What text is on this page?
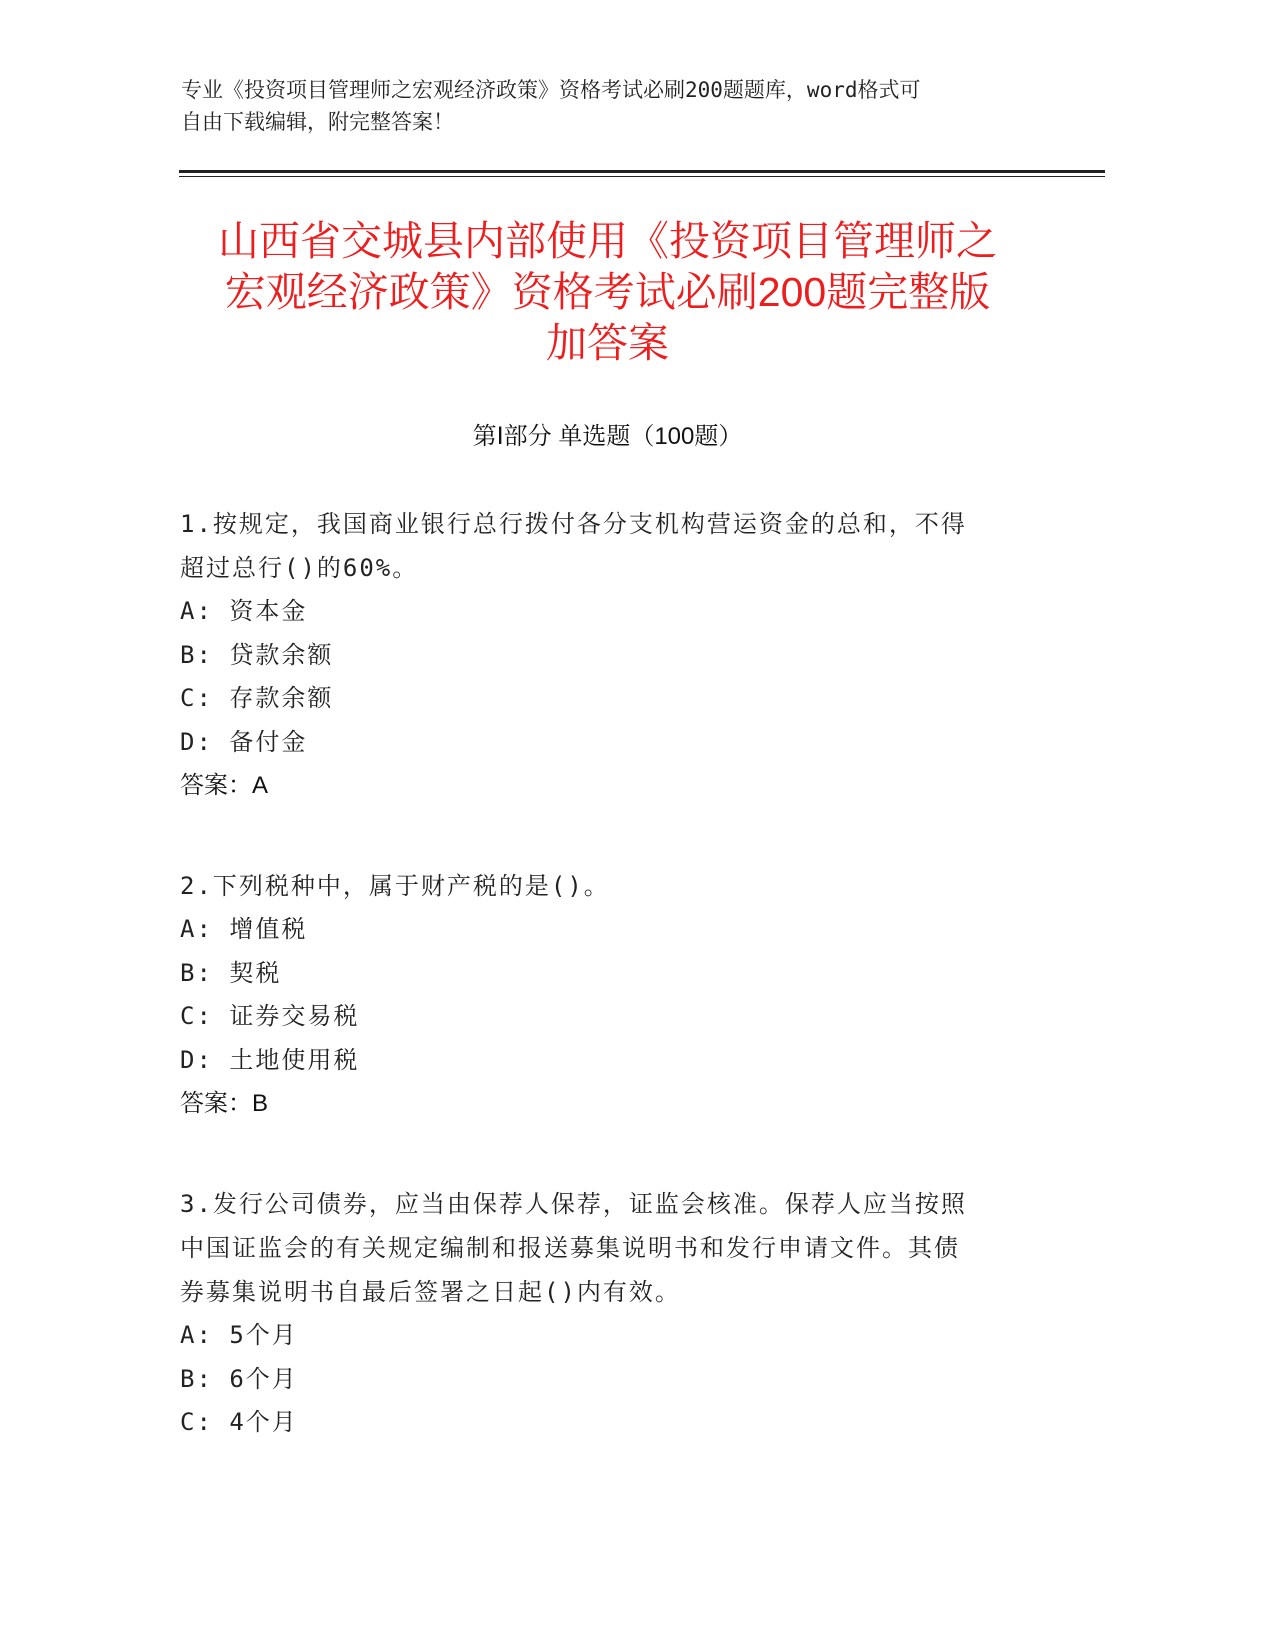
专业《投资项目管理师之宏观经济政策》资格考试必刷200题题库，word格式可
自由下载编辑，附完整答案！
山西省交城县内部使用《投资项目管理师之
宏观经济政策》资格考试必刷200题完整版
加答案
第Ⅰ部分 单选题（100题）
1.按规定，我国商业银行总行拨付各分支机构营运资金的总和，不得
超过总行()的60%。
A: 资本金
B: 贷款余额
C: 存款余额
D: 备付金
答案：A
2.下列税种中，属于财产税的是()。
A: 增值税
B: 契税
C: 证券交易税
D: 土地使用税
答案：B
3.发行公司债券，应当由保荐人保荐，证监会核准。保荐人应当按照
中国证监会的有关规定编制和报送募集说明书和发行申请文件。其债
券募集说明书自最后签署之日起()内有效。
A: 5个月
B: 6个月
C: 4个月
